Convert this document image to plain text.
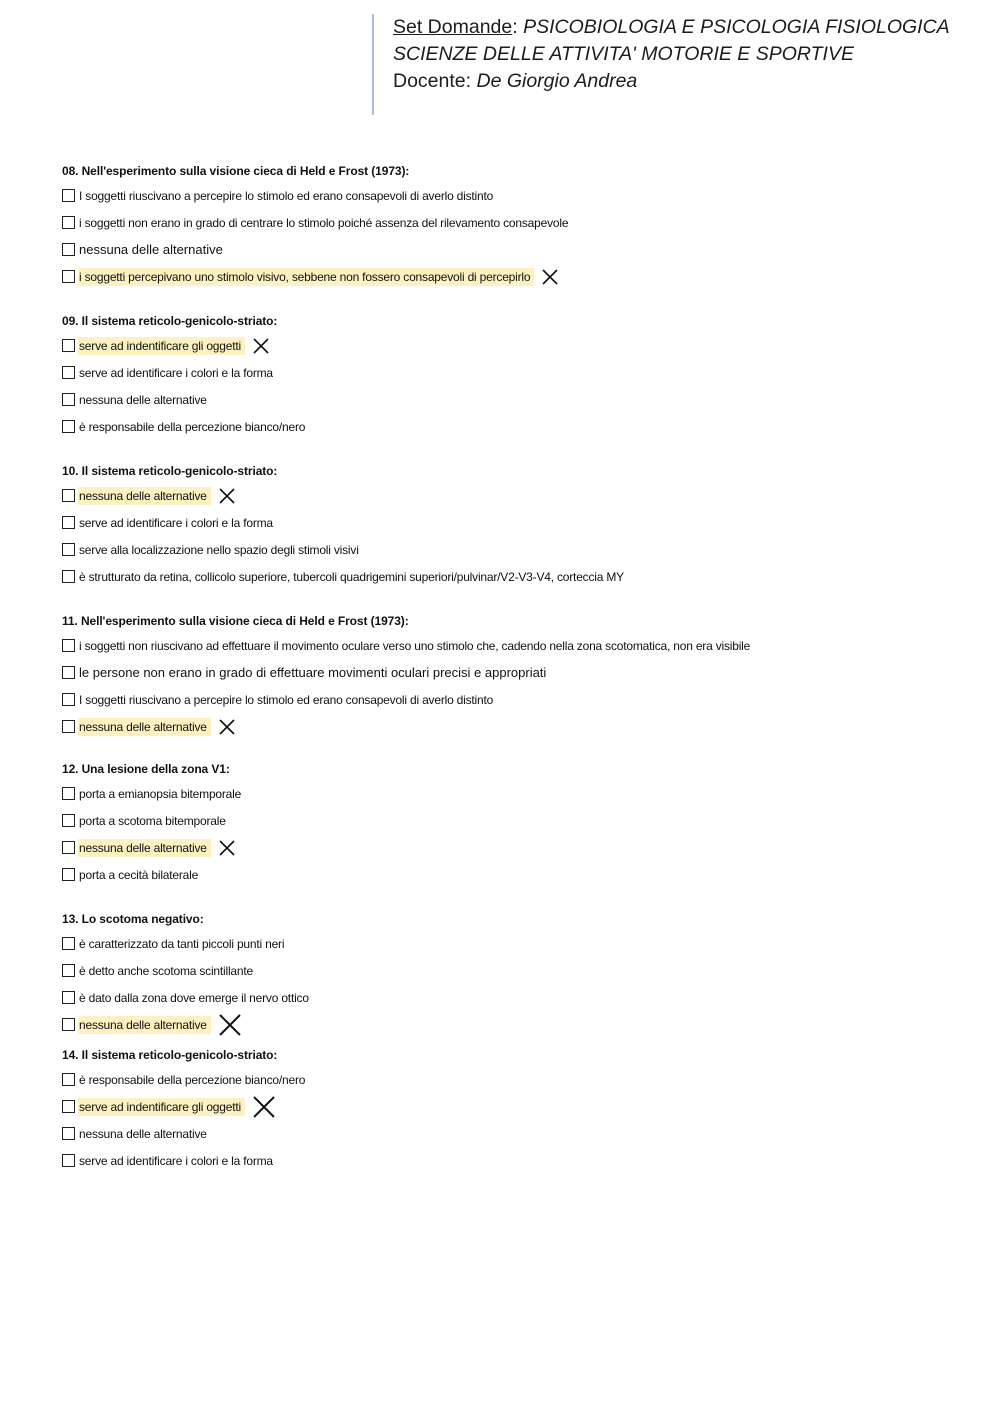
Set Domande: PSICOBIOLOGIA E PSICOLOGIA FISIOLOGICA
SCIENZE DELLE ATTIVITA' MOTORIE E SPORTIVE
Docente: De Giorgio Andrea
08. Nell'esperimento sulla visione cieca di Held e Frost (1973):
I soggetti riuscivano a percepire lo stimolo ed erano consapevoli di averlo distinto
i soggetti non erano in grado di centrare lo stimolo poiché assenza del rilevamento consapevole
nessuna delle alternative
i soggetti percepivano uno stimolo visivo, sebbene non fossero consapevoli di percepirlo
09. Il sistema reticolo-genicolo-striato:
serve ad indentificare gli oggetti
serve ad identificare i colori e la forma
nessuna delle alternative
è responsabile della percezione bianco/nero
10. Il sistema reticolo-genicolo-striato:
nessuna delle alternative
serve ad identificare i colori e la forma
serve alla localizzazione nello spazio degli stimoli visivi
è strutturato da retina, collicolo superiore, tubercoli quadrigemini superiori/pulvinar/V2-V3-V4, corteccia MY
11. Nell'esperimento sulla visione cieca di Held e Frost (1973):
i soggetti non riuscivano ad effettuare il movimento oculare verso uno stimolo che, cadendo nella zona scotomatica, non era visibile
le persone non erano in grado di effettuare movimenti oculari precisi e appropriati
I soggetti riuscivano a percepire lo stimolo ed erano consapevoli di averlo distinto
nessuna delle alternative
12. Una lesione della zona V1:
porta a emianopsia bitemporale
porta a scotoma bitemporale
nessuna delle alternative
porta a cecità bilaterale
13. Lo scotoma negativo:
è caratterizzato da tanti piccoli punti neri
è detto anche scotoma scintillante
è dato dalla zona dove emerge il nervo ottico
nessuna delle alternative
14. Il sistema reticolo-genicolo-striato:
è responsabile della percezione bianco/nero
serve ad indentificare gli oggetti
nessuna delle alternative
serve ad identificare i colori e la forma
